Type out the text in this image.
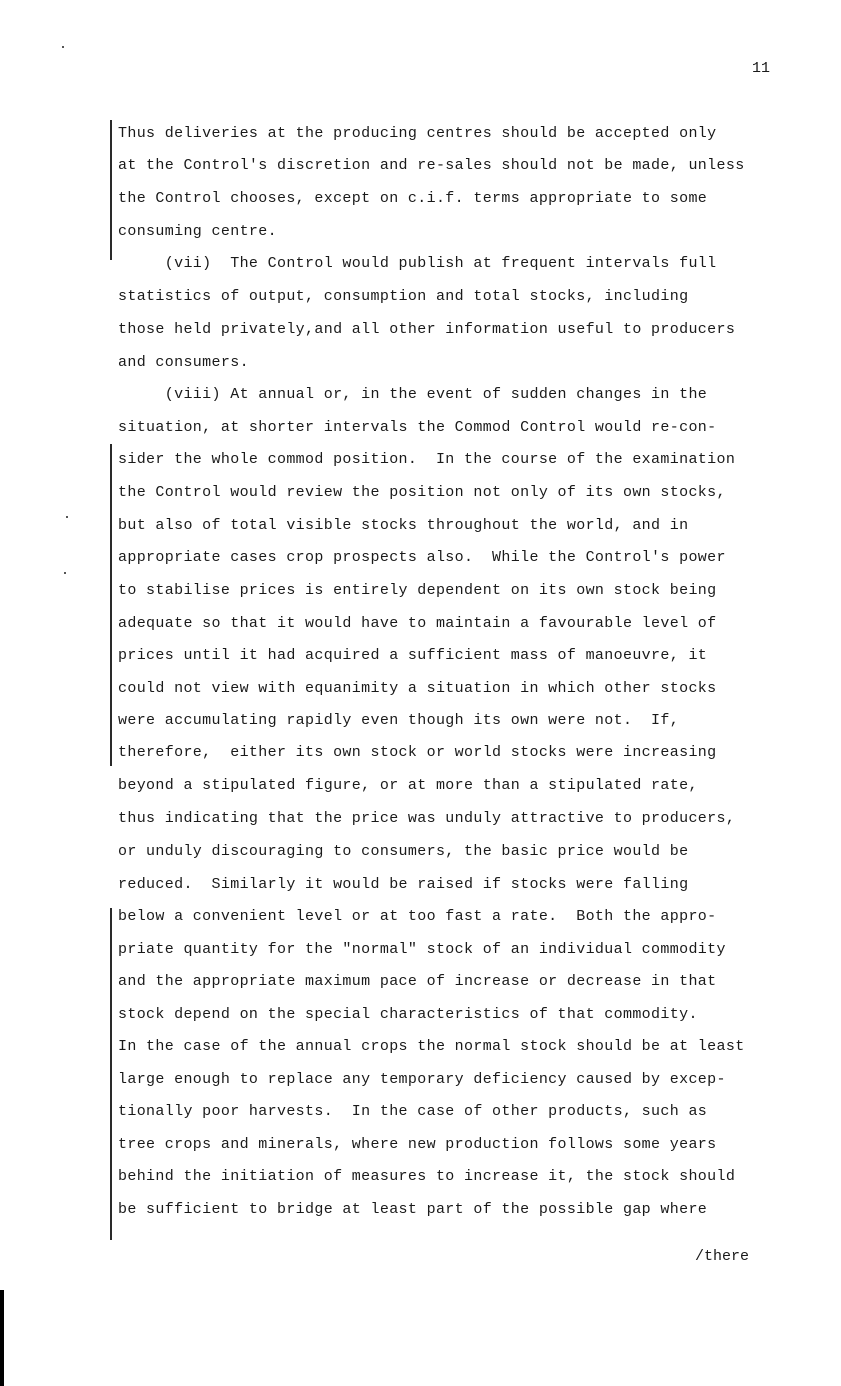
11
Thus deliveries at the producing centres should be accepted only
at the Control's discretion and re-sales should not be made, unless
the Control chooses, except on c.i.f. terms appropriate to some
consuming centre.
(vii)  The Control would publish at frequent intervals full
statistics of output, consumption and total stocks, including
those held privately,and all other information useful to producers
and consumers.
(viii) At annual or, in the event of sudden changes in the
situation, at shorter intervals the Commod Control would re-con-
sider the whole commod position.  In the course of the examination
the Control would review the position not only of its own stocks,
but also of total visible stocks throughout the world, and in
appropriate cases crop prospects also.  While the Control's power
to stabilise prices is entirely dependent on its own stock being
adequate so that it would have to maintain a favourable level of
prices until it had acquired a sufficient mass of manoeuvre, it
could not view with equanimity a situation in which other stocks
were accumulating rapidly even though its own were not.  If,
therefore,  either its own stock or world stocks were increasing
beyond a stipulated figure, or at more than a stipulated rate,
thus indicating that the price was unduly attractive to producers,
or unduly discouraging to consumers, the basic price would be
reduced.  Similarly it would be raised if stocks were falling
below a convenient level or at too fast a rate.  Both the appro-
priate quantity for the "normal" stock of an individual commodity
and the appropriate maximum pace of increase or decrease in that
stock depend on the special characteristics of that commodity.
In the case of the annual crops the normal stock should be at least
large enough to replace any temporary deficiency caused by excep-
tionally poor harvests.  In the case of other products, such as
tree crops and minerals, where new production follows some years
behind the initiation of measures to increase it, the stock should
be sufficient to bridge at least part of the possible gap where
/there
